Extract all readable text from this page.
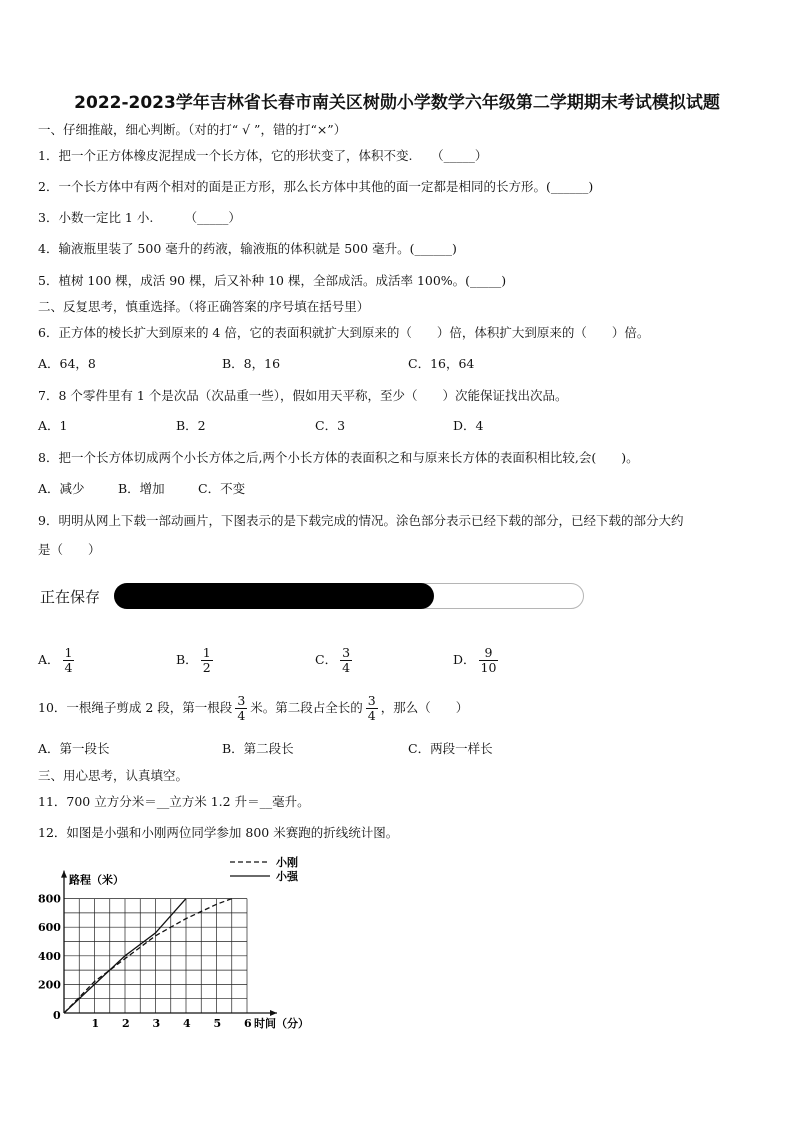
2022-2023学年吉林省长春市南关区树勋小学数学六年级第二学期期末考试模拟试题
一、仔细推敲，细心判断。（对的打“ √ ”，错的打“×”）
1．把一个正方体橡皮泥捏成一个长方体，它的形状变了，体积不变.　　（_____）
2．一个长方体中有两个相对的面是正方形，那么长方体中其他的面一定都是相同的长方形。(______)
3．小数一定比 1 小.　　　（_____）
4．输液瓶里装了 500 毫升的药液，输液瓶的体积就是 500 毫升。(______)
5．植树 100 棵，成活 90 棵，后又补种 10 棵，全部成活。成活率 100%。(_____)
二、反复思考，慎重选择。（将正确答案的序号填在括号里）
6．正方体的棱长扩大到原来的 4 倍，它的表面积就扩大到原来的（　　）倍，体积扩大到原来的（　　）倍。
A．64，8	B．8，16	C．16，64
7．8 个零件里有 1 个是次品（次品重一些），假如用天平称，至少（　　）次能保证找出次品。
A．1	B．2	C．3	D．4
8．把一个长方体切成两个小长方体之后,两个小长方体的表面积之和与原来长方体的表面积相比较,会(　　)。
A．减少	B．增加	C．不变
9．明明从网上下载一部动画片，下图表示的是下载完成的情况。涂色部分表示已经下载的部分，已经下载的部分大约
是（　　）
正在保存
A． $\frac{1}{4}$	B． $\frac{1}{2}$	C． $\frac{3}{4}$	D． $\frac{9}{10}$
10．一根绳子剪成 2 段，第一根段 $\frac{3}{4}$ 米。第二段占全长的 $\frac{3}{4}$ ，那么（　　）
A．第一段长	B．第二段长	C．两段一样长
三、用心思考，认真填空。
11．700 立方分米＝__立方米 1.2 升＝__毫升。
12．如图是小强和小刚两位同学参加 800 米赛跑的折线统计图。
0
1 2 3 4 5 6
200
400
600
800
时间（分）
路程（米）
小刚
小强
